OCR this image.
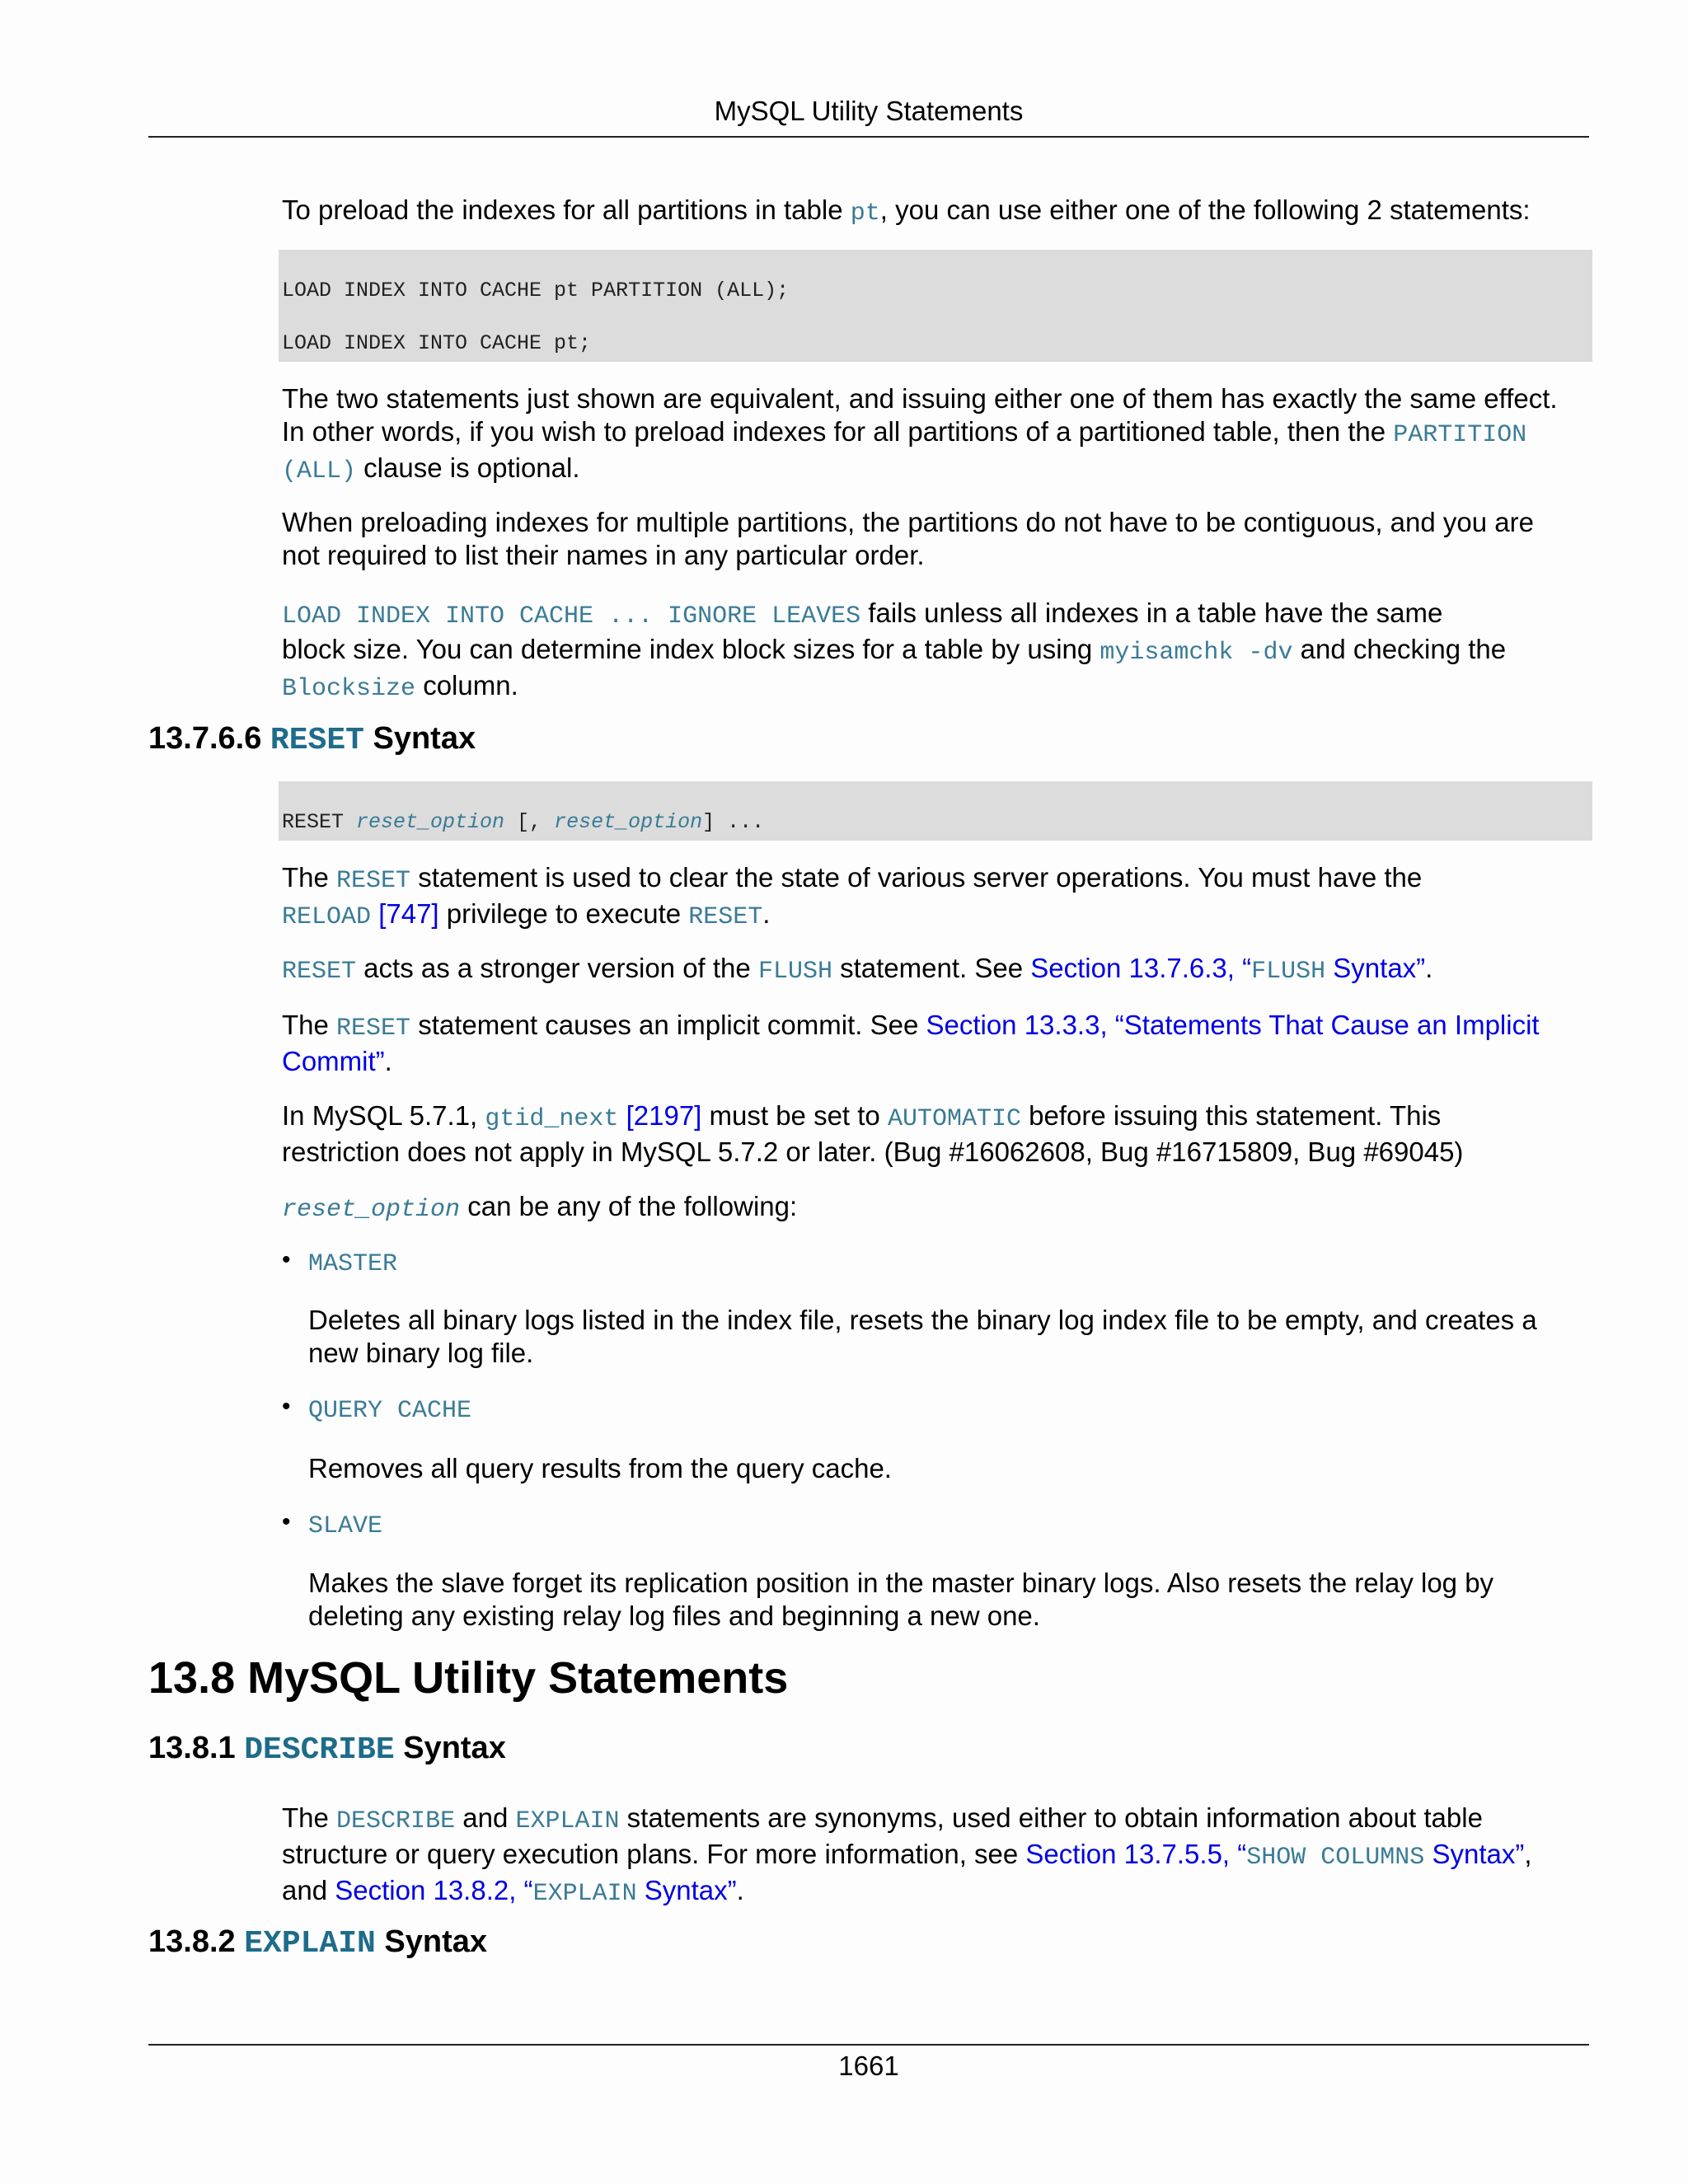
MySQL Utility Statements

To preload the indexes for all partitions in table pt, you can use either one of the following 2 statements:

LOAD INDEX INTO CACHE pt PARTITION (ALL);
LOAD INDEX INTO CACHE pt;

The two statements just shown are equivalent, and issuing either one of them has exactly the same effect.
In other words, if you wish to preload indexes for all partitions of a partitioned table, then the PARTITION
(ALL) clause is optional.

When preloading indexes for multiple partitions, the partitions do not have to be contiguous, and you are
not required to list their names in any particular order.

LOAD INDEX INTO CACHE ... IGNORE LEAVES fails unless all indexes in a table have the same
block size. You can determine index block sizes for a table by using myisamchk -dv and checking the
Blocksize column.

13.7.6.6 RESET Syntax
RESET reset_option [, reset_option] ...

The RESET statement is used to clear the state of various server operations. You must have the
RELOAD [747] privilege to execute RESET.

RESET acts as a stronger version of the FLUSH statement. See Section 13.7.6.3, “FLUSH Syntax”.

The RESET statement causes an implicit commit. See Section 13.3.3, “Statements That Cause an Implicit
Commit”.

In MySQL 5.7.1, gtid_next [2197] must be set to AUTOMATIC before issuing this statement. This
restriction does not apply in MySQL 5.7.2 or later. (Bug #16062608, Bug #16715809, Bug #69045)

reset_option can be any of the following:

• MASTER

Deletes all binary logs listed in the index file, resets the binary log index file to be empty, and creates a
new binary log file.

• QUERY CACHE

Removes all query results from the query cache.

• SLAVE

Makes the slave forget its replication position in the master binary logs. Also resets the relay log by
deleting any existing relay log files and beginning a new one.

13.8 MySQL Utility Statements
13.8.1 DESCRIBE Syntax

The DESCRIBE and EXPLAIN statements are synonyms, used either to obtain information about table
structure or query execution plans. For more information, see Section 13.7.5.5, “SHOW COLUMNS Syntax”,
and Section 13.8.2, “EXPLAIN Syntax”.

13.8.2 EXPLAIN Syntax
1661
